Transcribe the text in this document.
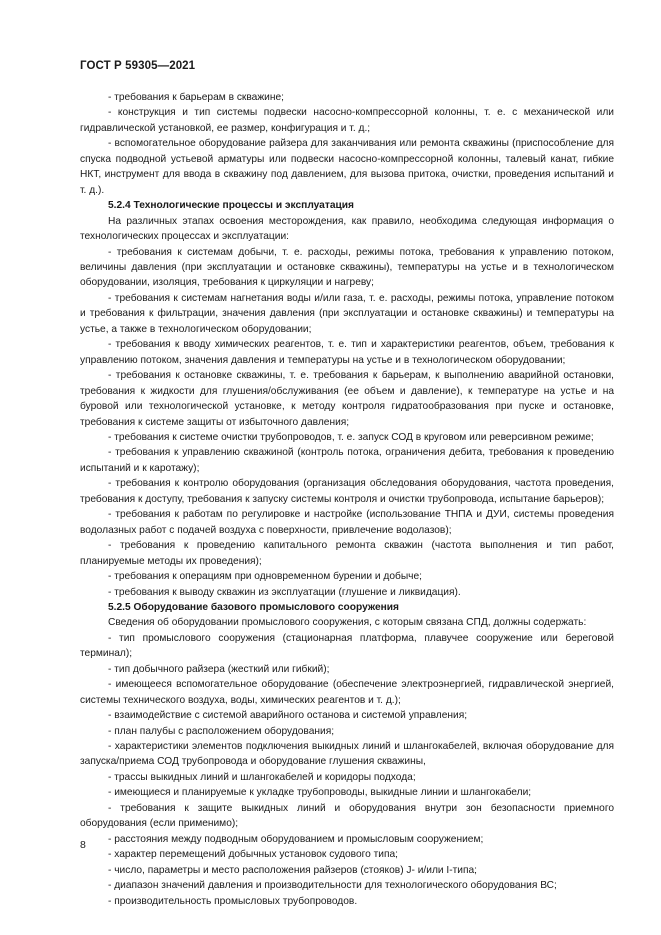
ГОСТ Р 59305—2021

- требования к барьерам в скважине;

- конструкция и тип системы подвески насосно-компрессорной колонны, т. е. с механической или гидравлической установкой, ее размер, конфигурация и т. д.;

- вспомогательное оборудование райзера для заканчивания или ремонта скважины (приспособление для спуска подводной устьевой арматуры или подвески насосно-компрессорной колонны, талевый канат, гибкие НКТ, инструмент для ввода в скважину под давлением, для вызова притока, очистки, проведения испытаний и т. д.).

5.2.4 Технологические процессы и эксплуатация

На различных этапах освоения месторождения, как правило, необходима следующая информация о технологических процессах и эксплуатации:

- требования к системам добычи, т. е. расходы, режимы потока, требования к управлению потоком, величины давления (при эксплуатации и остановке скважины), температуры на устье и в технологическом оборудовании, изоляция, требования к циркуляции и нагреву;

- требования к системам нагнетания воды и/или газа, т. е. расходы, режимы потока, управление потоком и требования к фильтрации, значения давления (при эксплуатации и остановке скважины) и температуры на устье, а также в технологическом оборудовании;

- требования к вводу химических реагентов, т. е. тип и характеристики реагентов, объем, требования к управлению потоком, значения давления и температуры на устье и в технологическом оборудовании;

- требования к остановке скважины, т. е. требования к барьерам, к выполнению аварийной остановки, требования к жидкости для глушения/обслуживания (ее объем и давление), к температуре на устье и на буровой или технологической установке, к методу контроля гидратообразования при пуске и остановке, требования к системе защиты от избыточного давления;

- требования к системе очистки трубопроводов, т. е. запуск СОД в круговом или реверсивном режиме;

- требования к управлению скважиной (контроль потока, ограничения дебита, требования к проведению испытаний и к каротажу);

- требования к контролю оборудования (организация обследования оборудования, частота проведения, требования к доступу, требования к запуску системы контроля и очистки трубопровода, испытание барьеров);

- требования к работам по регулировке и настройке (использование ТНПА и ДУИ, системы проведения водолазных работ с подачей воздуха с поверхности, привлечение водолазов);

- требования к проведению капитального ремонта скважин (частота выполнения и тип работ, планируемые методы их проведения);

- требования к операциям при одновременном бурении и добыче;

- требования к выводу скважин из эксплуатации (глушение и ликвидация).

5.2.5 Оборудование базового промыслового сооружения

Сведения об оборудовании промыслового сооружения, с которым связана СПД, должны содержать:

- тип промыслового сооружения (стационарная платформа, плавучее сооружение или береговой терминал);

- тип добычного райзера (жесткий или гибкий);

- имеющееся вспомогательное оборудование (обеспечение электроэнергией, гидравлической энергией, системы технического воздуха, воды, химических реагентов и т. д.);

- взаимодействие с системой аварийного останова и системой управления;

- план палубы с расположением оборудования;

- характеристики элементов подключения выкидных линий и шлангокабелей, включая оборудование для запуска/приема СОД трубопровода и оборудование глушения скважины,

- трассы выкидных линий и шлангокабелей и коридоры подхода;

- имеющиеся и планируемые к укладке трубопроводы, выкидные линии и шлангокабели;

- требования к защите выкидных линий и оборудования внутри зон безопасности приемного оборудования (если применимо);

- расстояния между подводным оборудованием и промысловым сооружением;

- характер перемещений добычных установок судового типа;

- число, параметры и место расположения райзеров (стояков) J- и/или I-типа;

- диапазон значений давления и производительности для технологического оборудования ВС;

- производительность промысловых трубопроводов.

8
